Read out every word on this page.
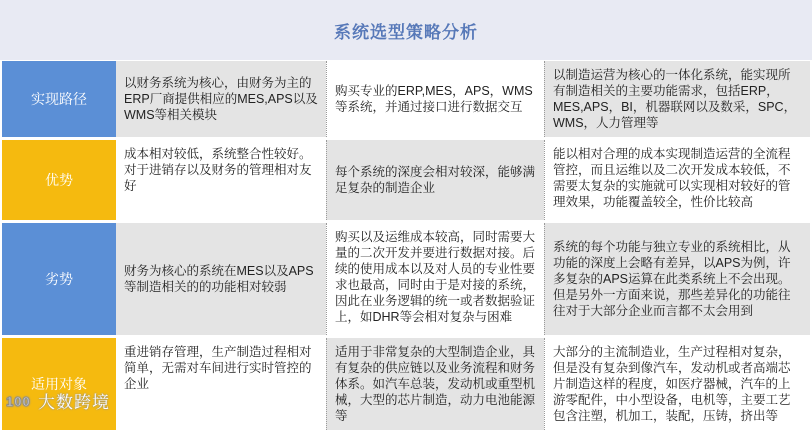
系统选型策略分析
实现路径	以财务系统为核心，由财务为主的ERP厂商提供相应的MES,APS以及WMS等相关模块	购买专业的ERP,MES，APS，WMS等系统，并通过接口进行数据交互	以制造运营为核心的一体化系统，能实现所有制造相关的主要功能需求，包括ERP，MES,APS，BI，机器联网以及数采，SPC，WMS，人力管理等
优势	成本相对较低，系统整合性较好。对于进销存以及财务的管理相对友好	每个系统的深度会相对较深，能够满足复杂的制造企业	能以相对合理的成本实现制造运营的全流程管控，而且运维以及二次开发成本较低，不需要太复杂的实施就可以实现相对较好的管理效果，功能覆盖较全，性价比较高
劣势	财务为核心的系统在MES以及APS等制造相关的的功能相对较弱	购买以及运维成本较高，同时需要大量的二次开发并要进行数据对接。后续的使用成本以及对人员的专业性要求也最高，同时由于是对接的系统，因此在业务逻辑的统一或者数据验证上，如DHR等会相对复杂与困难	系统的每个功能与独立专业的系统相比，从功能的深度上会略有差异，以APS为例，许多复杂的APS运算在此类系统上不会出现。但是另外一方面来说，那些差异化的功能往往对于大部分企业而言都不太会用到
适用对象	重进销存管理，生产制造过程相对简单，无需对车间进行实时管控的企业	适用于非常复杂的大型制造企业，具有复杂的供应链以及业务流程和财务体系。如汽车总装，发动机或重型机械，大型的芯片制造，动力电池能源等	大部分的主流制造业，生产过程相对复杂，但是没有复杂到像汽车，发动机或者高端芯片制造这样的程度，如医疗器械，汽车的上游零配件，中小型设备，电机等，主要工艺包含注塑，机加工，装配，压铸，挤出等
100 大数跨境
